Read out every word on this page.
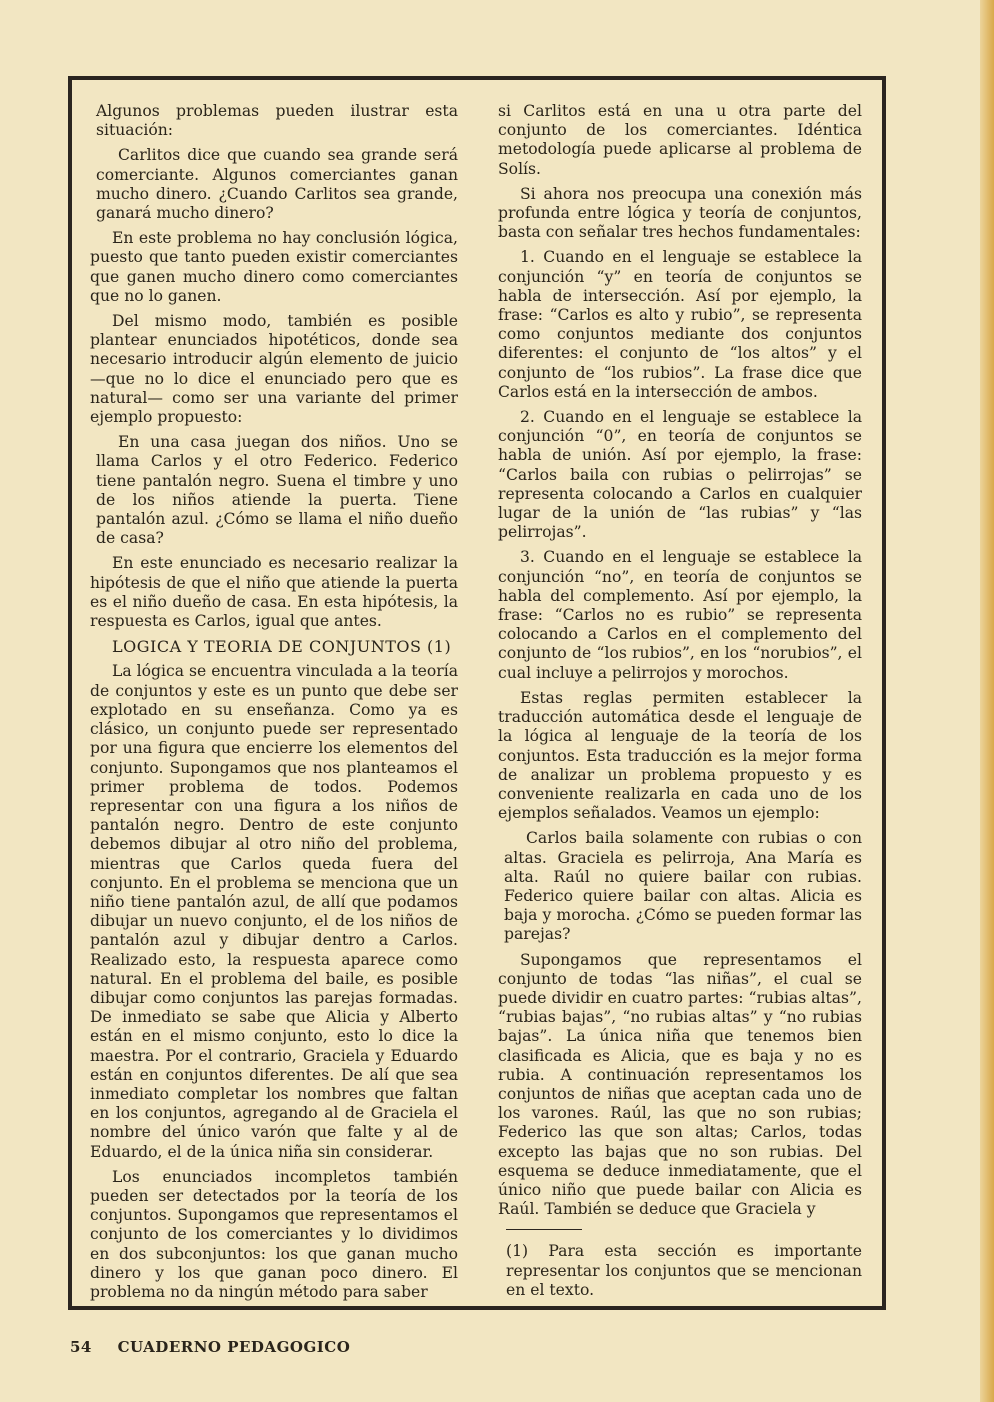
Algunos problemas pueden ilustrar esta situación:

Carlitos dice que cuando sea grande será comerciante. Algunos comerciantes ganan mucho dinero. ¿Cuando Carlitos sea grande, ganará mucho dinero?

En este problema no hay conclusión lógica, puesto que tanto pueden existir comerciantes que ganen mucho dinero como comerciantes que no lo ganen.

Del mismo modo, también es posible plantear enunciados hipotéticos, donde sea necesario introducir algún elemento de juicio —que no lo dice el enunciado pero que es natural— como ser una variante del primer ejemplo propuesto:

En una casa juegan dos niños. Uno se llama Carlos y el otro Federico. Federico tiene pantalón negro. Suena el timbre y uno de los niños atiende la puerta. Tiene pantalón azul. ¿Cómo se llama el niño dueño de casa?

En este enunciado es necesario realizar la hipótesis de que el niño que atiende la puerta es el niño dueño de casa. En esta hipótesis, la respuesta es Carlos, igual que antes.

LOGICA Y TEORIA DE CONJUNTOS (1)

La lógica se encuentra vinculada a la teoría de conjuntos y este es un punto que debe ser explotado en su enseñanza. Como ya es clásico, un conjunto puede ser representado por una figura que encierre los elementos del conjunto. Supongamos que nos planteamos el primer problema de todos. Podemos representar con una figura a los niños de pantalón negro. Dentro de este conjunto debemos dibujar al otro niño del problema, mientras que Carlos queda fuera del conjunto. En el problema se menciona que un niño tiene pantalón azul, de allí que podamos dibujar un nuevo conjunto, el de los niños de pantalón azul y dibujar dentro a Carlos. Realizado esto, la respuesta aparece como natural. En el problema del baile, es posible dibujar como conjuntos las parejas formadas. De inmediato se sabe que Alicia y Alberto están en el mismo conjunto, esto lo dice la maestra. Por el contrario, Graciela y Eduardo están en conjuntos diferentes. De alí que sea inmediato completar los nombres que faltan en los conjuntos, agregando al de Graciela el nombre del único varón que falte y al de Eduardo, el de la única niña sin considerar.

Los enunciados incompletos también pueden ser detectados por la teoría de los conjuntos. Supongamos que representamos el conjunto de los comerciantes y lo dividimos en dos subconjuntos: los que ganan mucho dinero y los que ganan poco dinero. El problema no da ningún método para saber

si Carlitos está en una u otra parte del conjunto de los comerciantes. Idéntica metodología puede aplicarse al problema de Solís.

Si ahora nos preocupa una conexión más profunda entre lógica y teoría de conjuntos, basta con señalar tres hechos fundamentales:

1. Cuando en el lenguaje se establece la conjunción “y” en teoría de conjuntos se habla de intersección. Así por ejemplo, la frase: “Carlos es alto y rubio”, se representa como conjuntos mediante dos conjuntos diferentes: el conjunto de “los altos” y el conjunto de “los rubios”. La frase dice que Carlos está en la intersección de ambos.

2. Cuando en el lenguaje se establece la conjunción “0”, en teoría de conjuntos se habla de unión. Así por ejemplo, la frase: “Carlos baila con rubias o pelirrojas” se representa colocando a Carlos en cualquier lugar de la unión de “las rubias” y “las pelirrojas”.

3. Cuando en el lenguaje se establece la conjunción “no”, en teoría de conjuntos se habla del complemento. Así por ejemplo, la frase: “Carlos no es rubio” se representa colocando a Carlos en el complemento del conjunto de “los rubios”, en los “norubios”, el cual incluye a pelirrojos y morochos.

Estas reglas permiten establecer la traducción automática desde el lenguaje de la lógica al lenguaje de la teoría de los conjuntos. Esta traducción es la mejor forma de analizar un problema propuesto y es conveniente realizarla en cada uno de los ejemplos señalados. Veamos un ejemplo:

Carlos baila solamente con rubias o con altas. Graciela es pelirroja, Ana María es alta. Raúl no quiere bailar con rubias. Federico quiere bailar con altas. Alicia es baja y morocha. ¿Cómo se pueden formar las parejas?

Supongamos que representamos el conjunto de todas “las niñas”, el cual se puede dividir en cuatro partes: “rubias altas”, “rubias bajas”, “no rubias altas” y “no rubias bajas”. La única niña que tenemos bien clasificada es Alicia, que es baja y no es rubia. A continuación representamos los conjuntos de niñas que aceptan cada uno de los varones. Raúl, las que no son rubias; Federico las que son altas; Carlos, todas excepto las bajas que no son rubias. Del esquema se deduce inmediatamente, que el único niño que puede bailar con Alicia es Raúl. También se deduce que Graciela y

(1) Para esta sección es importante representar los conjuntos que se mencionan en el texto.

54 CUADERNO PEDAGOGICO
